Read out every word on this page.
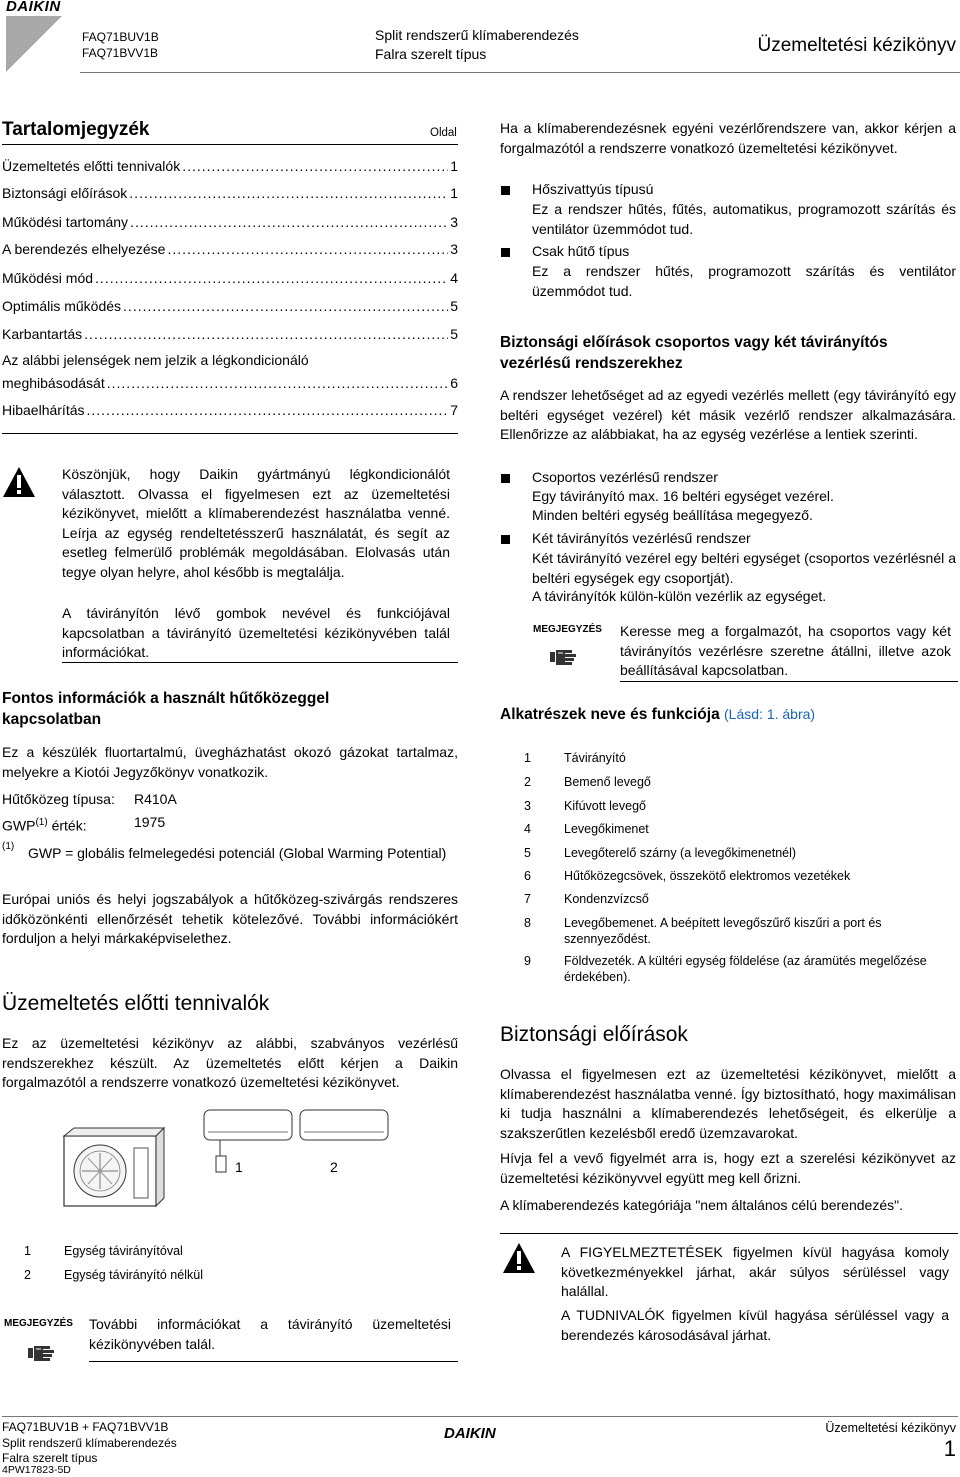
DAIKIN
FAQ71BUV1B
FAQ71BVV1B
Split rendszerű klímaberendezés
Falra szerelt típus	Üzemeltetési kézikönyv
Tartalomjegyzék	Oldal
Üzemeltetés előtti tennivalók .....	1
Biztonsági előírások .....	1
Működési tartomány .....	3
A berendezés elhelyezése .....	3
Működési mód .....	4
Optimális működés .....	5
Karbantartás .....	5
Az alábbi jelenségek nem jelzik a légkondicionáló
meghibásodását .....	6
Hibaelhárítás .....	7
Köszönjük, hogy Daikin gyártmányú légkondicionálót választott. Olvassa el figyelmesen ezt az üzemeltetési kézikönyvet, mielőtt a klímaberendezést használatba venné. Leírja az egység rendeltetésszerű használatát, és segít az esetleg felmerülő problémák megoldásában. Elolvasás után tegye olyan helyre, ahol később is megtalálja.
A távirányítón lévő gombok nevével és funkciójával kapcsolatban a távirányító üzemeltetési kézikönyvében talál információkat.
Fontos információk a használt hűtőközeggel kapcsolatban
Ez a készülék fluortartalmú, üvegházhatást okozó gázokat tartalmaz, melyekre a Kiotói Jegyzőkönyv vonatkozik.
Hűtőközeg típusa: R410A
GWP$^{(1)}$ érték:	1975
(1) GWP = globális felmelegedési potenciál (Global Warming Potential)
Európai uniós és helyi jogszabályok a hűtőközeg-szivárgás rendszeres időközönkénti ellenőrzését tehetik kötelezővé. További információkért forduljon a helyi márkaképviselethez.
Üzemeltetés előtti tennivalók
Ez az üzemeltetési kézikönyv az alábbi, szabványos vezérlésű rendszerekhez készült. Az üzemeltetés előtt kérjen a Daikin forgalmazótól a rendszerre vonatkozó üzemeltetési kézikönyvet.
1	2
1	Egység távirányítóval
2	Egység távirányító nélkül
MEGJEGYZÉS További információkat a távirányító üzemeltetési kézikönyvében talál.
Ha a klímaberendezésnek egyéni vezérlőrendszere van, akkor kérjen a forgalmazótól a rendszerre vonatkozó üzemeltetési kézikönyvet.
Hőszivattyús típusú
Ez a rendszer hűtés, fűtés, automatikus, programozott szárítás és ventilátor üzemmódot tud.
Csak hűtő típus
Ez a rendszer hűtés, programozott szárítás és ventilátor üzemmódot tud.
Biztonsági előírások csoportos vagy két távirányítós vezérlésű rendszerekhez
A rendszer lehetőséget ad az egyedi vezérlés mellett (egy távirányító egy beltéri egységet vezérel) két másik vezérlő rendszer alkalmazására. Ellenőrizze az alábbiakat, ha az egység vezérlése a lentiek szerinti.
Csoportos vezérlésű rendszer
Egy távirányító max. 16 beltéri egységet vezérel.
Minden beltéri egység beállítása megegyező.
Két távirányítós vezérlésű rendszer
Két távirányító vezérel egy beltéri egységet (csoportos vezérlésnél a beltéri egységek egy csoportját).
A távirányítók külön-külön vezérlik az egységet.
MEGJEGYZÉS Keresse meg a forgalmazót, ha csoportos vagy két távirányítós vezérlésre szeretne átállni, illetve azok beállításával kapcsolatban.
Alkatrészek neve és funkciója (Lásd: 1. ábra)
1	Távirányító
2	Bemenő levegő
3	Kifúvott levegő
4	Levegőkimenet
5	Levegőterelő szárny (a levegőkimenetnél)
6	Hűtőközegcsövek, összekötő elektromos vezetékek
7	Kondenzvízcső
8	Levegőbemenet. A beépített levegőszűrő kiszűri a port és szennyeződést.
9	Földvezeték. A kültéri egység földelése (az áramütés megelőzése érdekében).
Biztonsági előírások
Olvassa el figyelmesen ezt az üzemeltetési kézikönyvet, mielőtt a klímaberendezést használatba venné. Így biztosítható, hogy maximálisan ki tudja használni a klímaberendezés lehetőségeit, és elkerülje a szakszerűtlen kezelésből eredő üzemzavarokat.
Hívja fel a vevő figyelmét arra is, hogy ezt a szerelési kézikönyvet az üzemeltetési kézikönyvvel együtt meg kell őrizni.
A klímaberendezés kategóriája "nem általános célú berendezés".
A FIGYELMEZTETÉSEK figyelmen kívül hagyása komoly következményekkel járhat, akár súlyos sérüléssel vagy halállal.
A TUDNIVALÓK figyelmen kívül hagyása sérüléssel vagy a berendezés károsodásával járhat.
FAQ71BUV1B + FAQ71BVV1B
Split rendszerű klímaberendezés
Falra szerelt típus
4PW17823-5D
DAIKIN	Üzemeltetési kézikönyv
1
